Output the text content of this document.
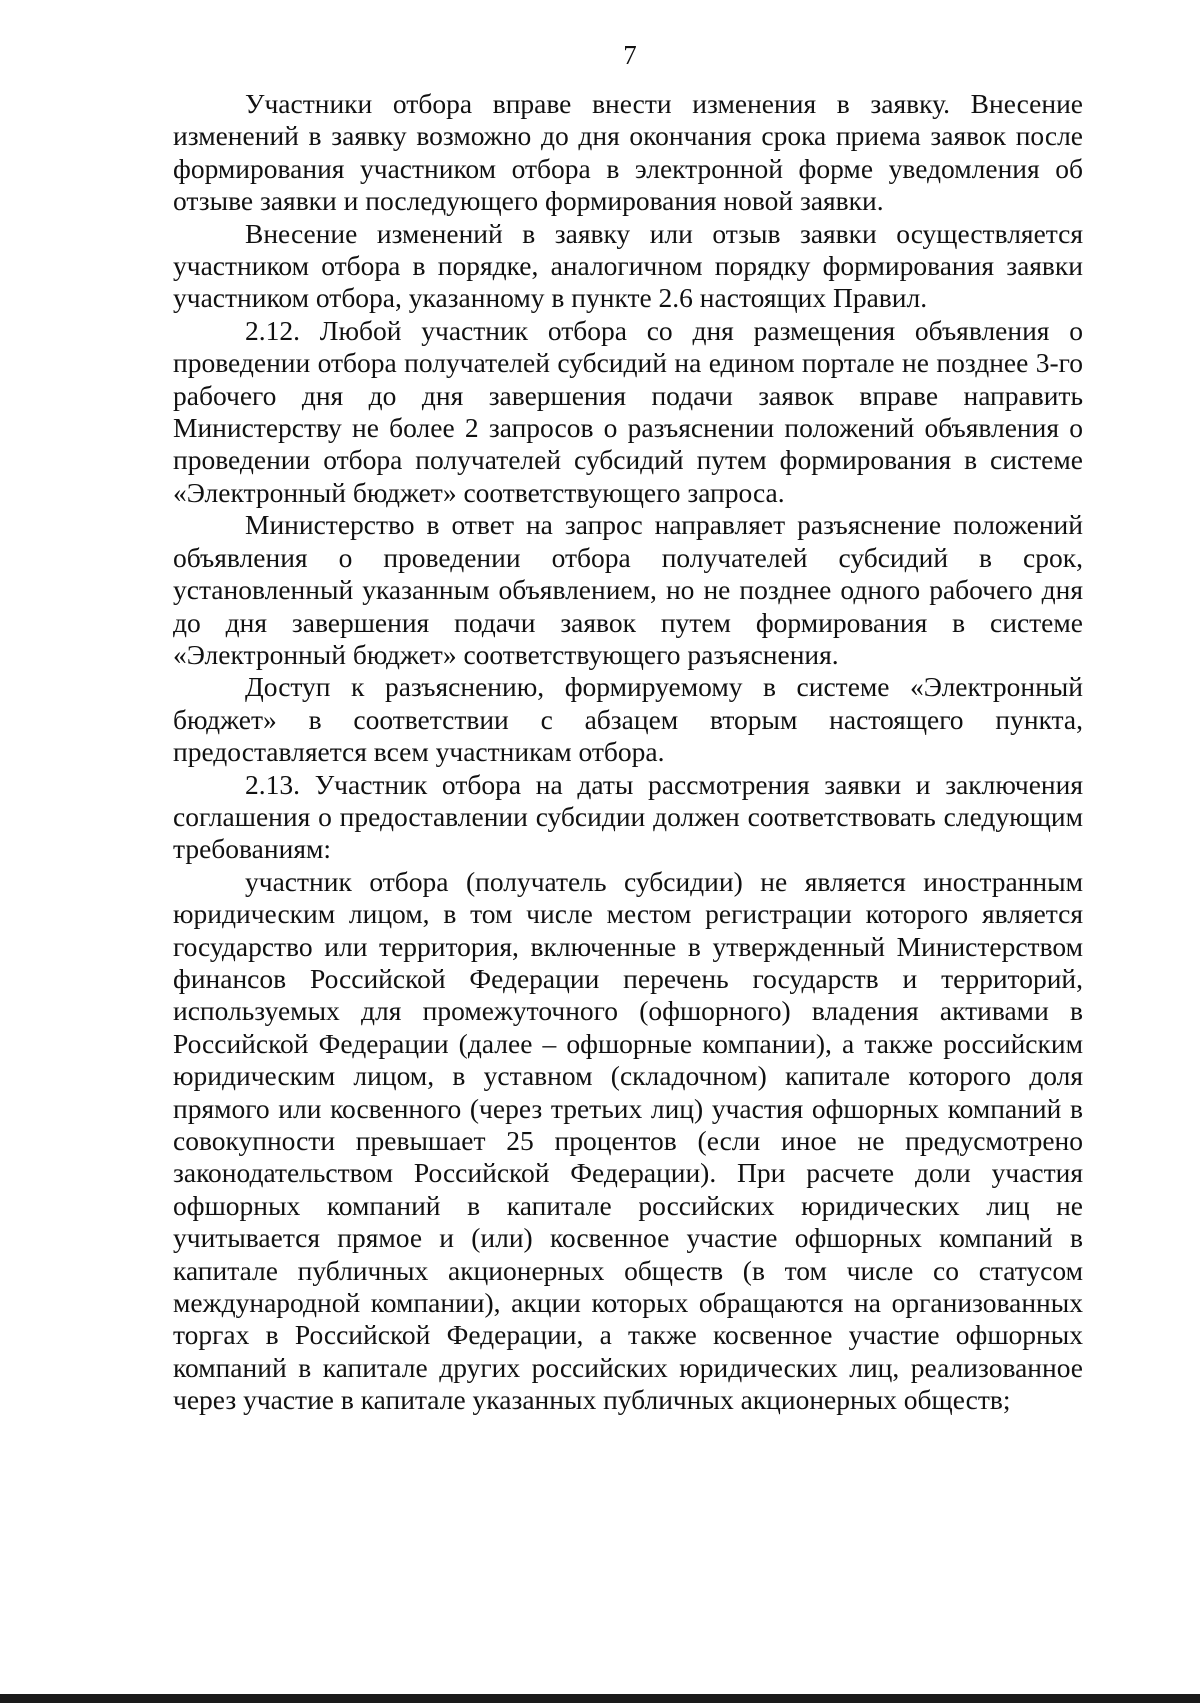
7

Участники отбора вправе внести изменения в заявку. Внесение изменений в заявку возможно до дня окончания срока приема заявок после формирования участником отбора в электронной форме уведомления об отзыве заявки и последующего формирования новой заявки.

Внесение изменений в заявку или отзыв заявки осуществляется участником отбора в порядке, аналогичном порядку формирования заявки участником отбора, указанному в пункте 2.6 настоящих Правил.

2.12. Любой участник отбора со дня размещения объявления о проведении отбора получателей субсидий на едином портале не позднее 3-го рабочего дня до дня завершения подачи заявок вправе направить Министерству не более 2 запросов о разъяснении положений объявления о проведении отбора получателей субсидий путем формирования в системе «Электронный бюджет» соответствующего запроса.

Министерство в ответ на запрос направляет разъяснение положений объявления о проведении отбора получателей субсидий в срок, установленный указанным объявлением, но не позднее одного рабочего дня до дня завершения подачи заявок путем формирования в системе «Электронный бюджет» соответствующего разъяснения.

Доступ к разъяснению, формируемому в системе «Электронный бюджет» в соответствии с абзацем вторым настоящего пункта, предоставляется всем участникам отбора.

2.13. Участник отбора на даты рассмотрения заявки и заключения соглашения о предоставлении субсидии должен соответствовать следующим требованиям:

участник отбора (получатель субсидии) не является иностранным юридическим лицом, в том числе местом регистрации которого является государство или территория, включенные в утвержденный Министерством финансов Российской Федерации перечень государств и территорий, используемых для промежуточного (офшорного) владения активами в Российской Федерации (далее – офшорные компании), а также российским юридическим лицом, в уставном (складочном) капитале которого доля прямого или косвенного (через третьих лиц) участия офшорных компаний в совокупности превышает 25 процентов (если иное не предусмотрено законодательством Российской Федерации). При расчете доли участия офшорных компаний в капитале российских юридических лиц не учитывается прямое и (или) косвенное участие офшорных компаний в капитале публичных акционерных обществ (в том числе со статусом международной компании), акции которых обращаются на организованных торгах в Российской Федерации, а также косвенное участие офшорных компаний в капитале других российских юридических лиц, реализованное через участие в капитале указанных публичных акционерных обществ;
